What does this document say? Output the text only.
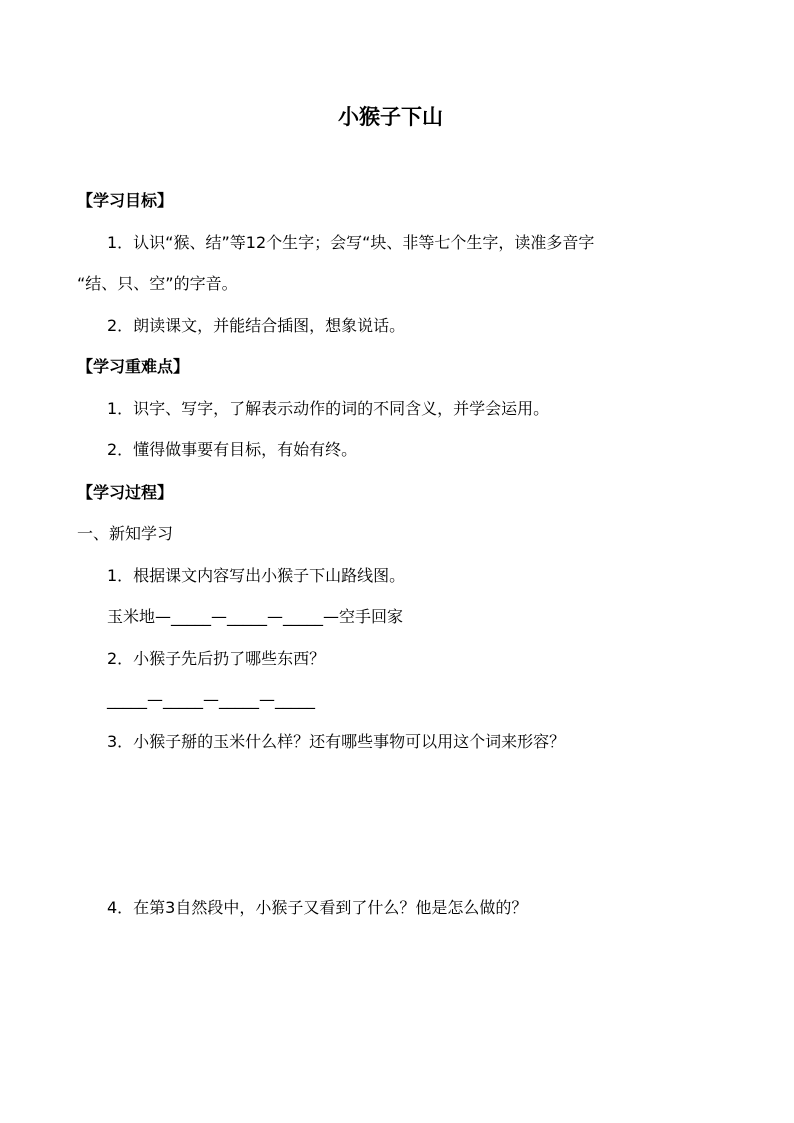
小猴子下山
【学习目标】
1．认识“猴、结”等12个生字；会写“块、非等七个生字，读准多音字
“结、只、空”的字音。
2．朗读课文，并能结合插图，想象说话。
【学习重难点】
1．识字、写字，了解表示动作的词的不同含义，并学会运用。
2．懂得做事要有目标，有始有终。
【学习过程】
一、新知学习
1．根据课文内容写出小猴子下山路线图。
玉米地—_____—_____—_____—空手回家
2．小猴子先后扔了哪些东西？
_____—_____—_____—_____
3．小猴子掰的玉米什么样？还有哪些事物可以用这个词来形容？
4．在第3自然段中，小猴子又看到了什么？他是怎么做的？
